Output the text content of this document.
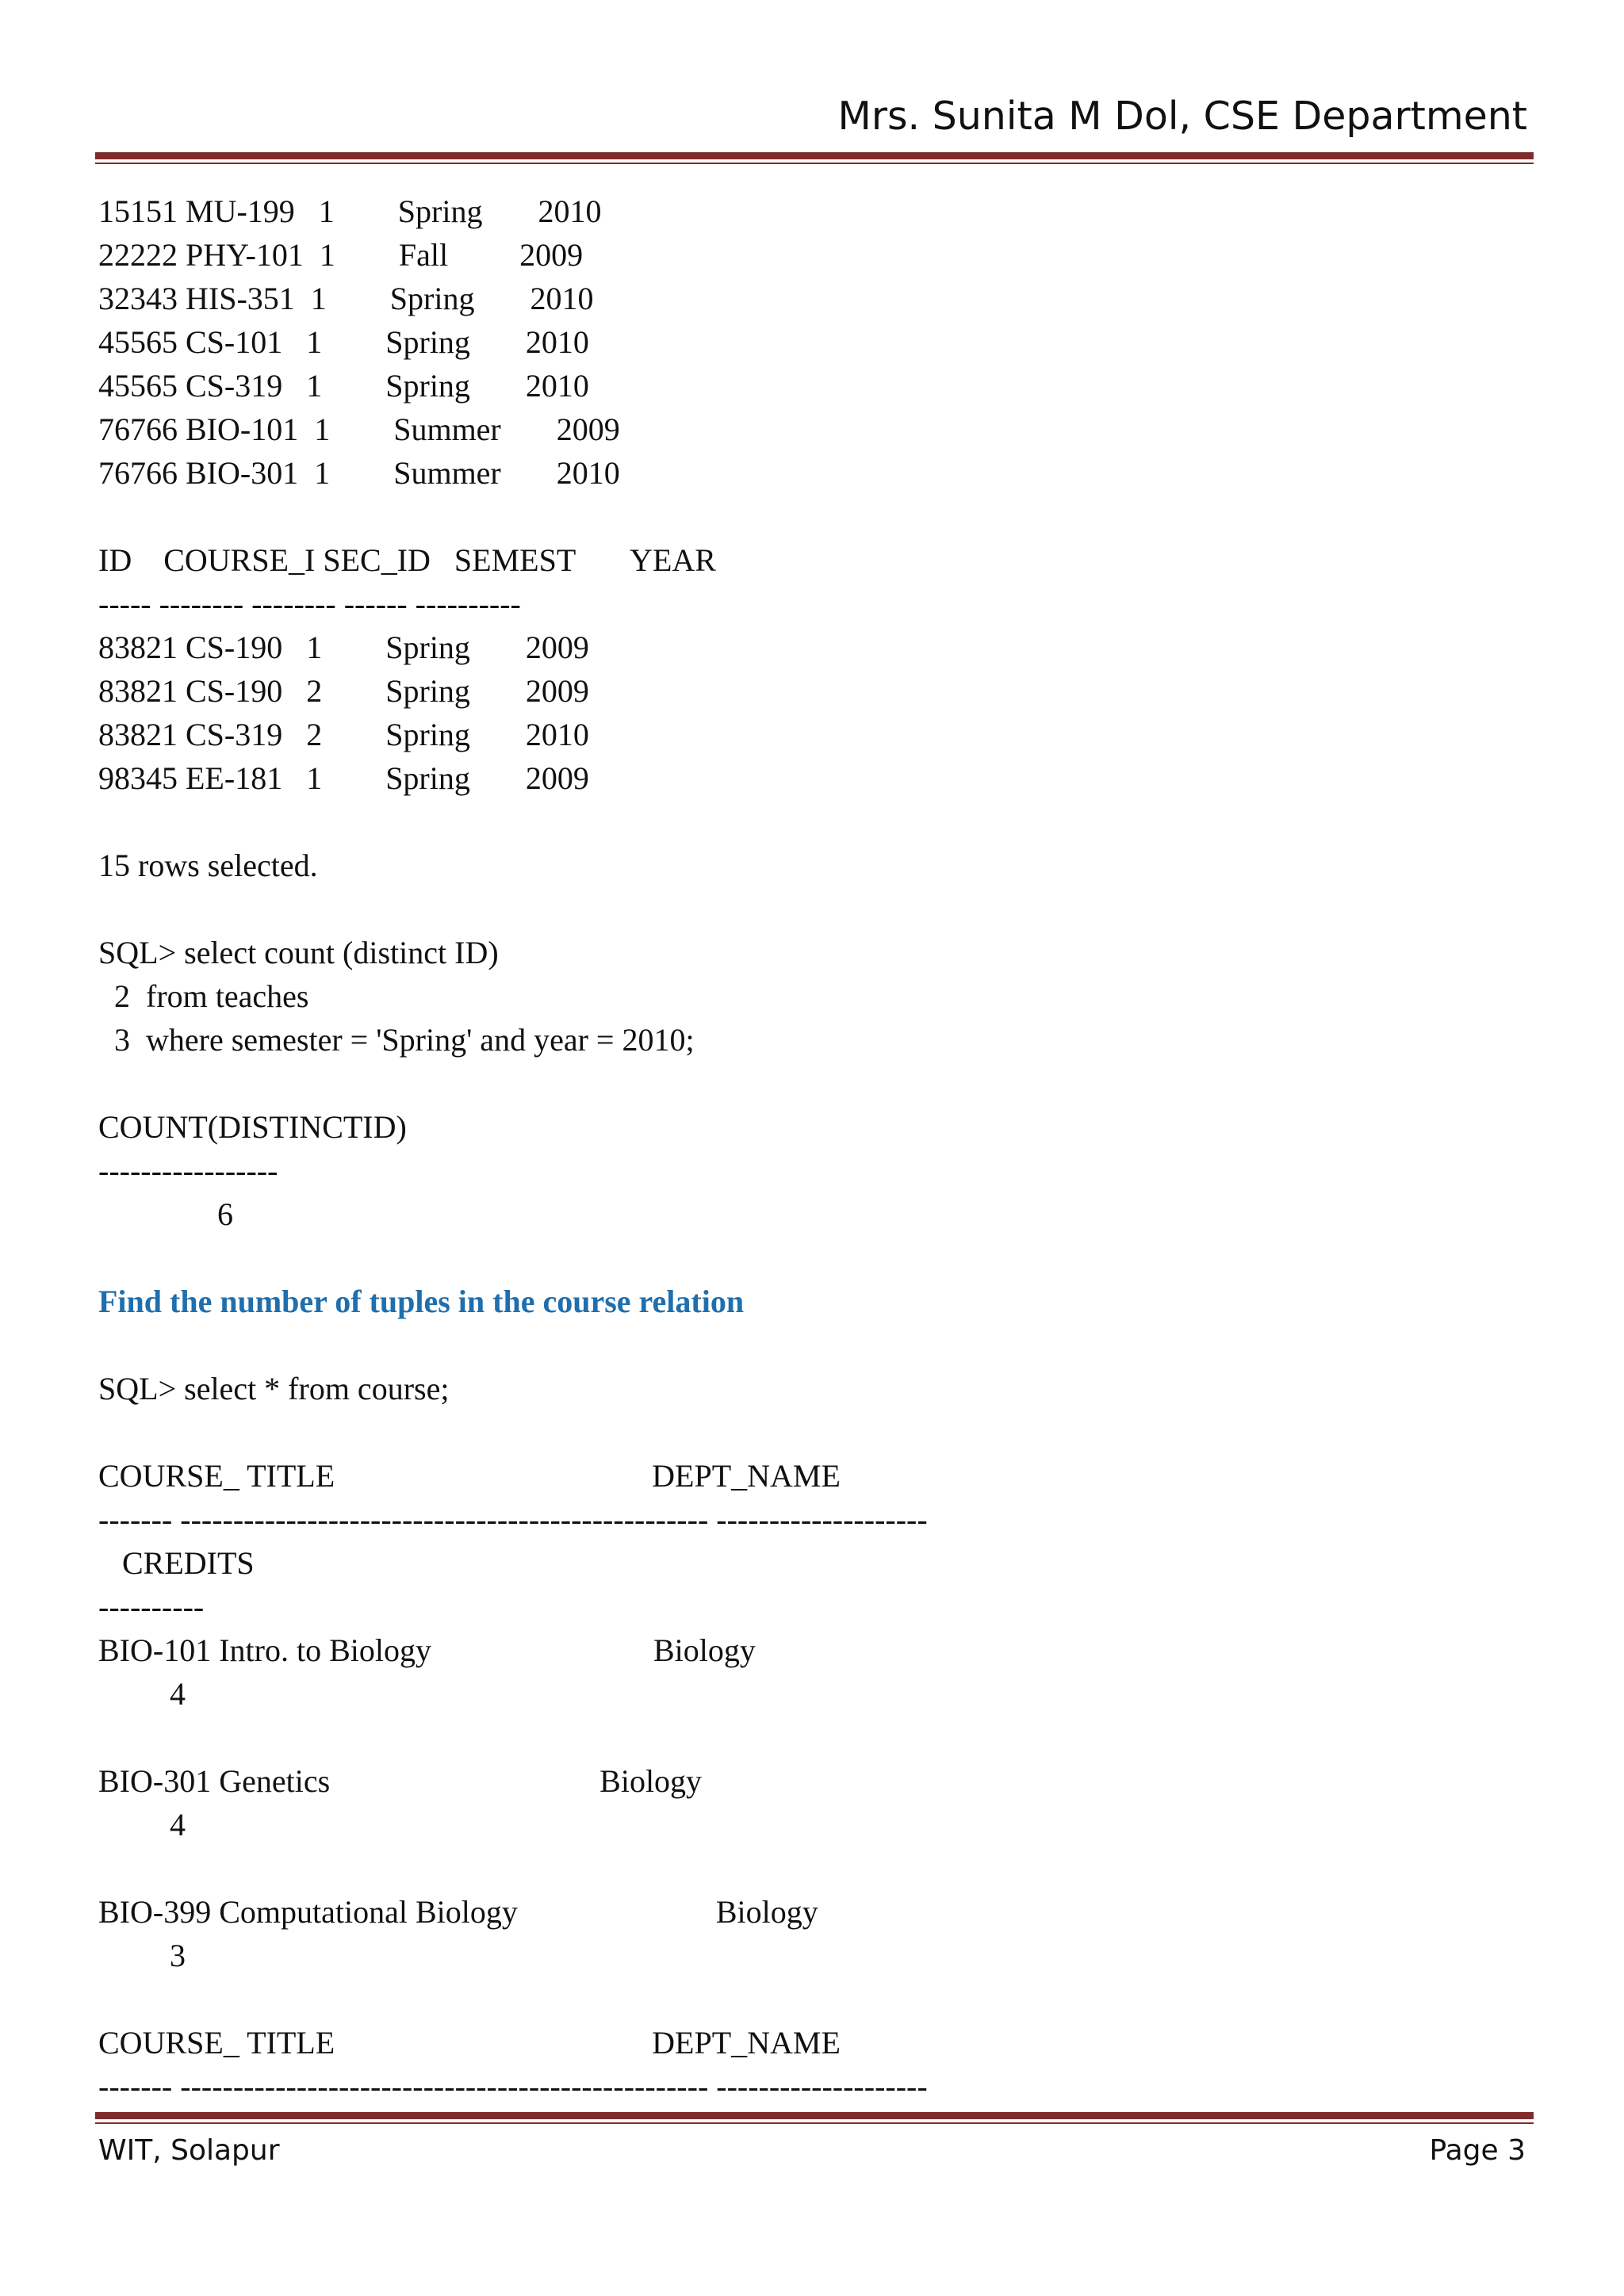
Mrs. Sunita M Dol, CSE Department
15151 MU-199   1        Spring       2010
22222 PHY-101  1        Fall         2009
32343 HIS-351  1        Spring       2010
45565 CS-101   1        Spring       2010
45565 CS-319   1        Spring       2010
76766 BIO-101  1        Summer       2009
76766 BIO-301  1        Summer       2010
ID    COURSE_I SEC_ID   SEMEST       YEAR
----- -------- -------- ------ ----------
83821 CS-190   1        Spring       2009
83821 CS-190   2        Spring       2009
83821 CS-319   2        Spring       2010
98345 EE-181   1        Spring       2009
15 rows selected.
SQL> select count (distinct ID)
2  from teaches
3  where semester = 'Spring' and year = 2010;
COUNT(DISTINCTID)
-----------------
6
Find the number of tuples in the course relation
SQL> select * from course;
COURSE_ TITLE                                        DEPT_NAME
------- -------------------------------------------------- --------------------
CREDITS
----------
BIO-101 Intro. to Biology                            Biology
4
BIO-301 Genetics                                  Biology
4
BIO-399 Computational Biology                         Biology
3
COURSE_ TITLE                                        DEPT_NAME
------- -------------------------------------------------- --------------------
WIT, Solapur	Page 3
